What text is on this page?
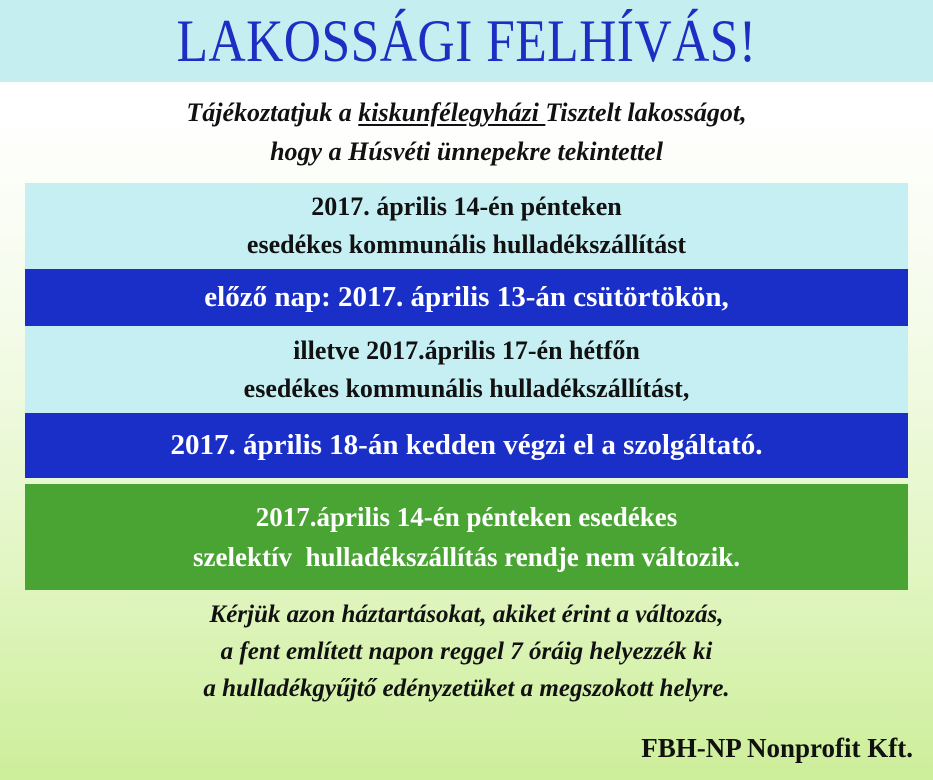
LAKOSSÁGI FELHÍVÁS!
Tájékoztatjuk a kiskunfélegyházi Tisztelt lakosságot,
hogy a Húsvéti ünnepekre tekintettel
2017. április 14-én pénteken
esedékes kommunális hulladékszállítást
előző nap: 2017. április 13-án csütörtökön,
illetve 2017.április 17-én hétfőn
esedékes kommunális hulladékszállítást,
2017. április 18-án kedden végzi el a szolgáltató.
2017.április 14-én pénteken esedékes
szelektív  hulladékszállítás rendje nem változik.
Kérjük azon háztartásokat, akiket érint a változás,
a fent említett napon reggel 7 óráig helyezzék ki
a hulladékgyűjtő edényzetüket a megszokott helyre.
FBH-NP Nonprofit Kft.
